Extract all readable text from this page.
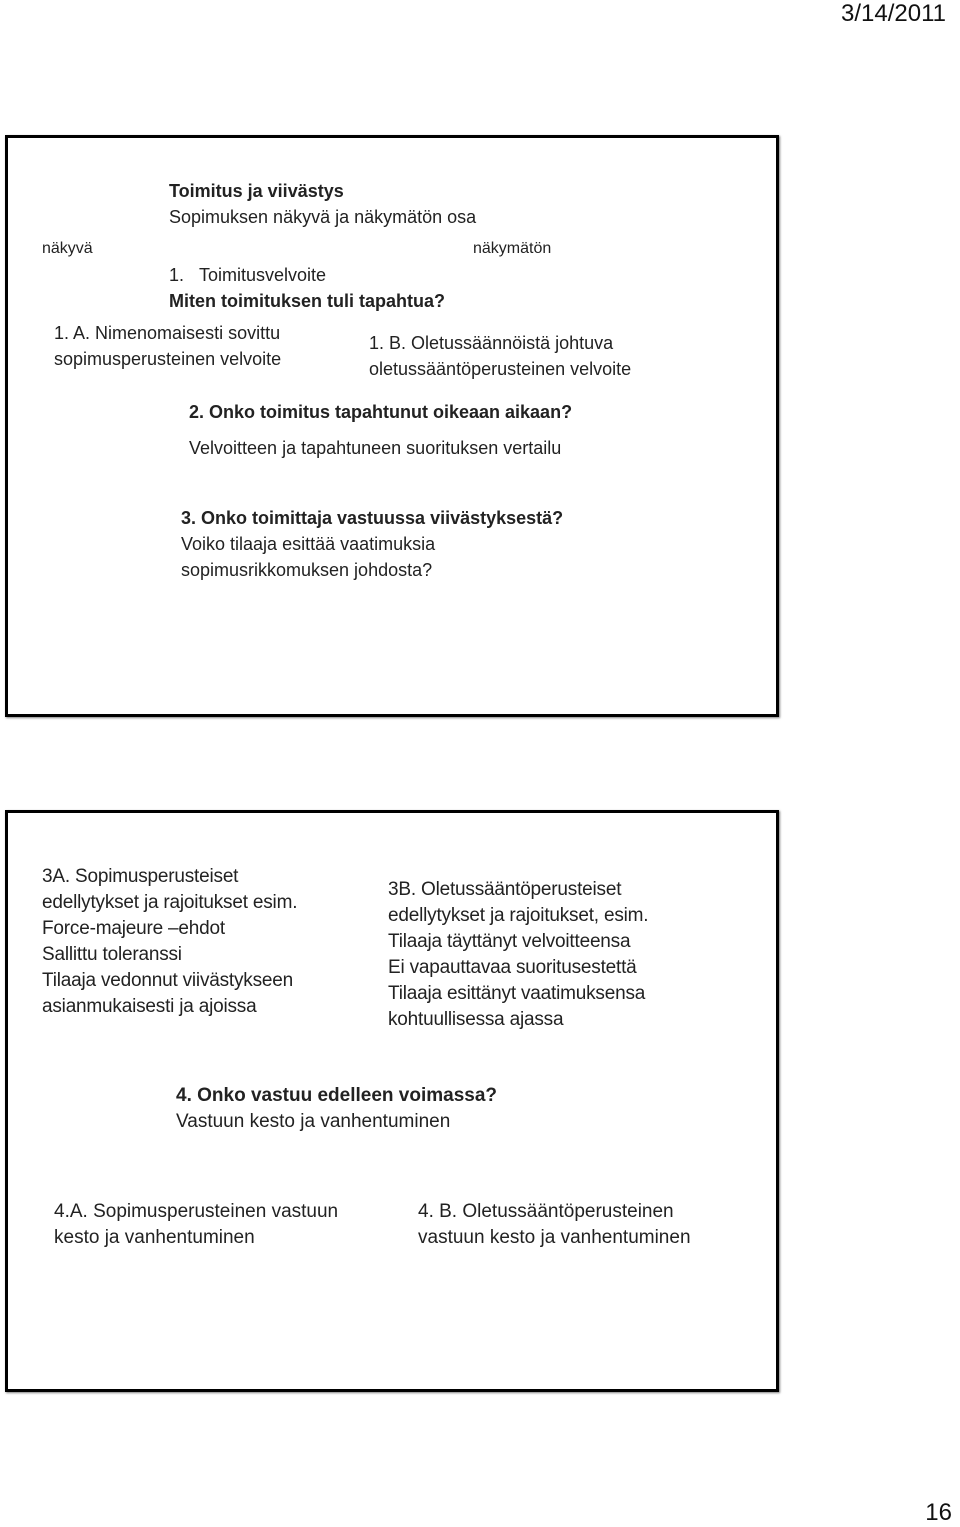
3/14/2011
Toimitus ja viivästys
Sopimuksen näkyvä ja näkymätön osa
näkyvä	näkymätön
1.   Toimitusvelvoite
Miten toimituksen tuli tapahtua?
1. A. Nimenomaisesti sovittu
sopimusperusteinen velvoite
1. B. Oletussäännöistä johtuva
oletussääntöperusteinen velvoite
2. Onko toimitus tapahtunut oikeaan aikaan?
Velvoitteen ja tapahtuneen suorituksen vertailu
3. Onko toimittaja vastuussa viivästyksestä?
Voiko tilaaja esittää vaatimuksia
sopimusrikkomuksen johdosta?
3A. Sopimusperusteiset
edellytykset ja rajoitukset esim.
Force-majeure –ehdot
Sallittu toleranssi
Tilaaja vedonnut viivästykseen
asianmukaisesti ja ajoissa
3B. Oletussääntöperusteiset
edellytykset ja rajoitukset, esim.
Tilaaja täyttänyt velvoitteensa
Ei vapauttavaa suoritusestettä
Tilaaja esittänyt vaatimuksensa
kohtuullisessa ajassa
4. Onko vastuu edelleen voimassa?
Vastuun kesto ja vanhentuminen
4.A. Sopimusperusteinen vastuun
kesto ja vanhentuminen
4. B. Oletussääntöperusteinen
vastuun kesto ja vanhentuminen
16
